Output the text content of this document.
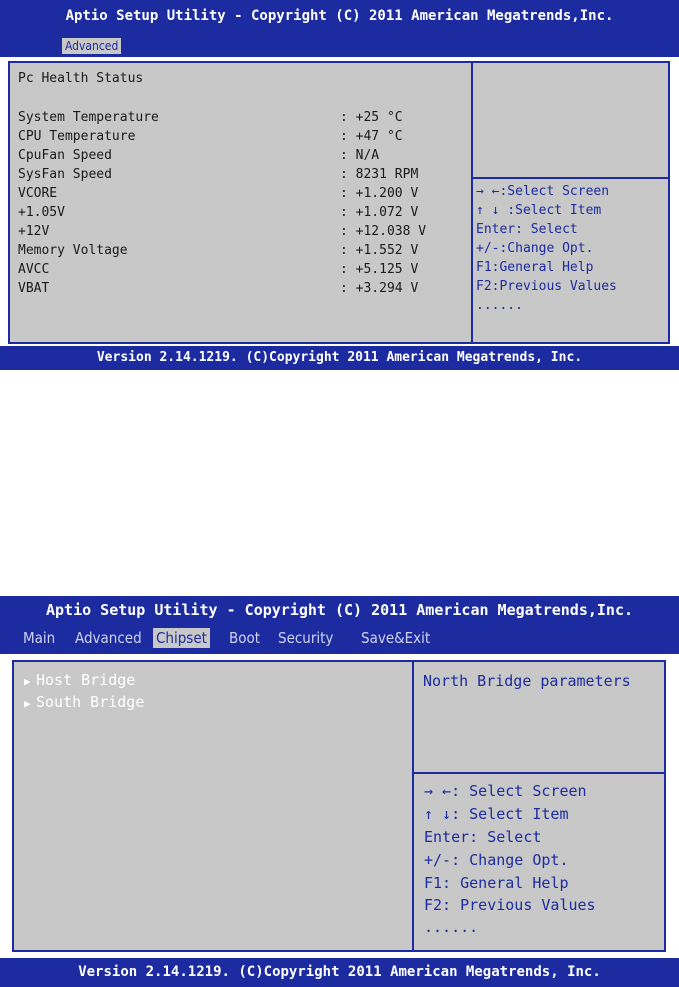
Aptio Setup Utility - Copyright (C) 2011 American Megatrends,Inc.
Advanced
Pc Health Status
System Temperature	: +25 °C
CPU Temperature	: +47 °C
CpuFan Speed	: N/A
SysFan Speed	: 8231 RPM
VCORE	: +1.200 V
+1.05V	: +1.072 V
+12V	: +12.038 V
Memory Voltage	: +1.552 V
AVCC	: +5.125 V
VBAT	: +3.294 V
→ ←:Select Screen
↑ ↓ :Select Item
Enter: Select
+/-:Change Opt.
F1:General Help
F2:Previous Values
......
Version 2.14.1219. (C)Copyright 2011 American Megatrends, Inc.
Aptio Setup Utility - Copyright (C) 2011 American Megatrends,Inc.
Main Advanced Chipset Boot Security Save&Exit
▶ Host Bridge
▶ South Bridge
North Bridge parameters
→ ←: Select Screen
↑ ↓: Select Item
Enter: Select
+/-: Change Opt.
F1: General Help
F2: Previous Values
......
Version 2.14.1219. (C)Copyright 2011 American Megatrends, Inc.
